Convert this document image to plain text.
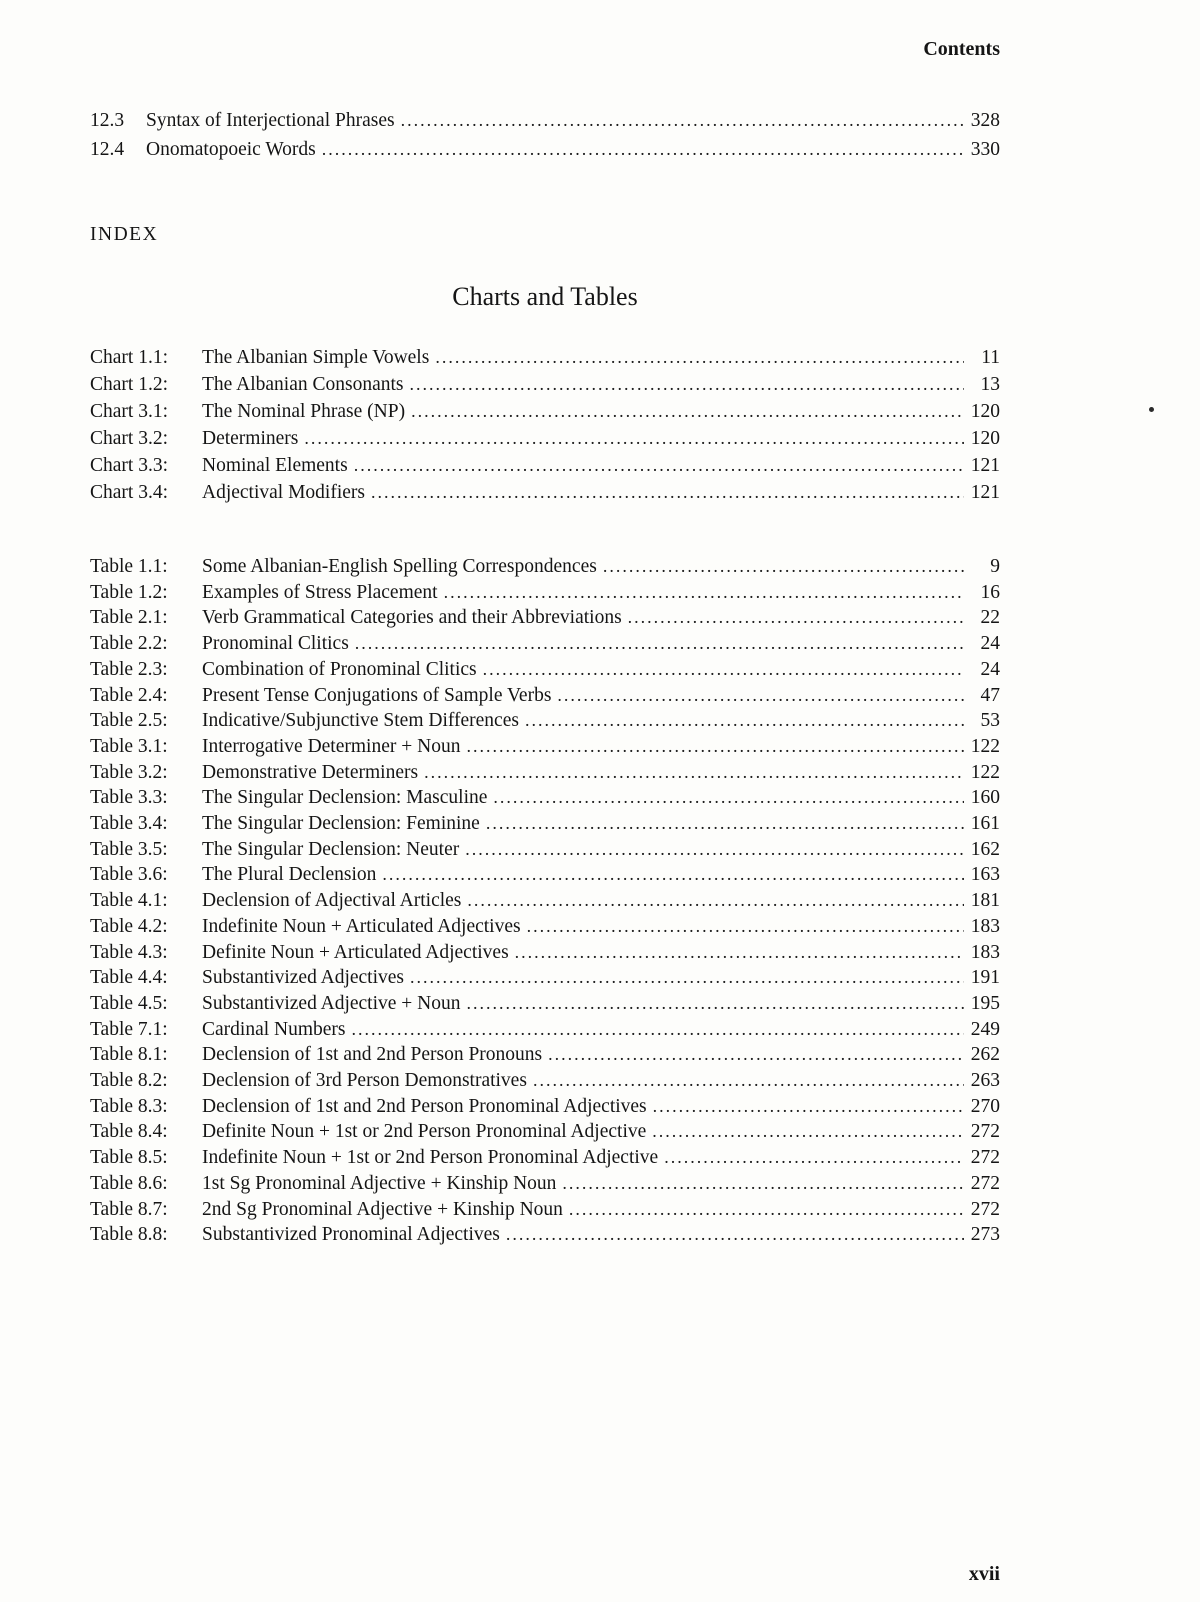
Contents
12.3	Syntax of Interjectional Phrases .....	328
12.4	Onomatopoeic Words .....	330
INDEX
Charts and Tables
Chart 1.1:	The Albanian Simple Vowels .....	11
Chart 1.2:	The Albanian Consonants .....	13
Chart 3.1:	The Nominal Phrase (NP) .....	120
Chart 3.2:	Determiners .....	120
Chart 3.3:	Nominal Elements .....	121
Chart 3.4:	Adjectival Modifiers .....	121
Table 1.1:	Some Albanian-English Spelling Correspondences .....	9
Table 1.2:	Examples of Stress Placement .....	16
Table 2.1:	Verb Grammatical Categories and their Abbreviations .....	22
Table 2.2:	Pronominal Clitics .....	24
Table 2.3:	Combination of Pronominal Clitics .....	24
Table 2.4:	Present Tense Conjugations of Sample Verbs .....	47
Table 2.5:	Indicative/Subjunctive Stem Differences .....	53
Table 3.1:	Interrogative Determiner + Noun .....	122
Table 3.2:	Demonstrative Determiners .....	122
Table 3.3:	The Singular Declension: Masculine .....	160
Table 3.4:	The Singular Declension: Feminine .....	161
Table 3.5:	The Singular Declension: Neuter .....	162
Table 3.6:	The Plural Declension .....	163
Table 4.1:	Declension of Adjectival Articles .....	181
Table 4.2:	Indefinite Noun + Articulated Adjectives .....	183
Table 4.3:	Definite Noun + Articulated Adjectives .....	183
Table 4.4:	Substantivized Adjectives .....	191
Table 4.5:	Substantivized Adjective + Noun .....	195
Table 7.1:	Cardinal Numbers .....	249
Table 8.1:	Declension of 1st and 2nd Person Pronouns .....	262
Table 8.2:	Declension of 3rd Person Demonstratives .....	263
Table 8.3:	Declension of 1st and 2nd Person Pronominal Adjectives .....	270
Table 8.4:	Definite Noun + 1st or 2nd Person Pronominal Adjective .....	272
Table 8.5:	Indefinite Noun + 1st or 2nd Person Pronominal Adjective .....	272
Table 8.6:	1st Sg Pronominal Adjective + Kinship Noun .....	272
Table 8.7:	2nd Sg Pronominal Adjective + Kinship Noun .....	272
Table 8.8:	Substantivized Pronominal Adjectives .....	273
xvii
